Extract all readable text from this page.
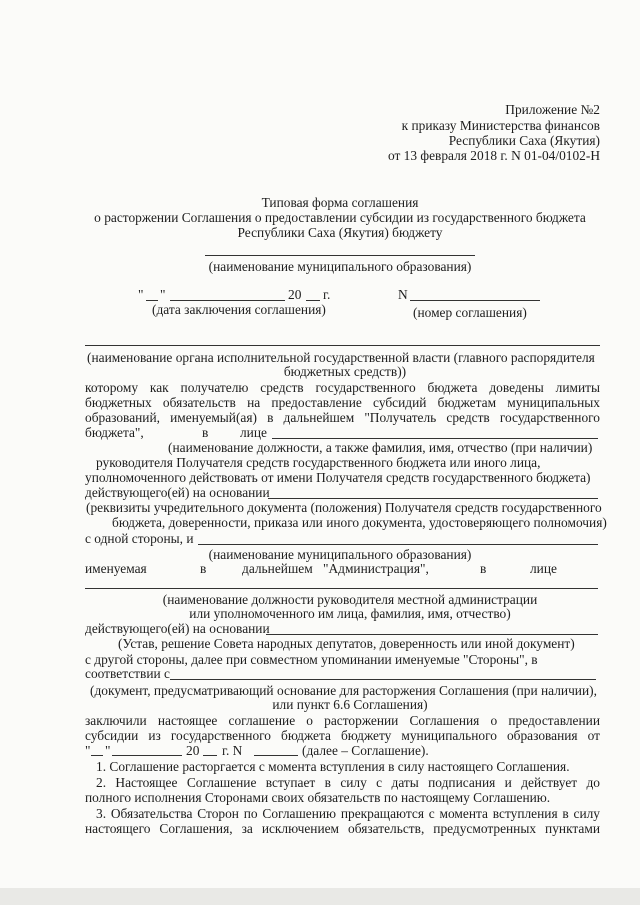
Приложение №2
к приказу Министерства финансов
Республики Саха (Якутия)
от 13 февраля 2018 г. N 01-04/0102-Н
Типовая форма соглашения
о расторжении Соглашения о предоставлении субсидии из государственного бюджета
Республики Саха (Якутия) бюджету
(наименование муниципального образования)
" "	20 г.	N
(дата заключения соглашения)	(номер соглашения)
(наименование органа исполнительной государственной власти (главного распорядителя
бюджетных средств))
которому как получателю средств государственного бюджета доведены лимиты
бюджетных обязательств на предоставление субсидий бюджетам муниципальных
образований, именуемый(ая) в дальнейшем "Получатель средств государственного
бюджета",	в лице
(наименование должности, а также фамилия, имя, отчество (при наличии)
руководителя Получателя средств государственного бюджета или иного лица,
уполномоченного действовать от имени Получателя средств государственного бюджета)
действующего(ей) на основании
(реквизиты учредительного документа (положения) Получателя средств государственного
бюджета, доверенности, приказа или иного документа, удостоверяющего полномочия)
с одной стороны, и
(наименование муниципального образования)
именуемая	в	дальнейшем "Администрация",	в	лице
(наименование должности руководителя местной администрации
или уполномоченного им лица, фамилия, имя, отчество)
действующего(ей) на основании
(Устав, решение Совета народных депутатов, доверенность или иной документ)
с другой стороны, далее при совместном упоминании именуемые "Стороны", в
соответствии с
(документ, предусматривающий основание для расторжения Соглашения (при наличии),
или пункт 6.6 Соглашения)
заключили настоящее соглашение о расторжении Соглашения о предоставлении
субсидии из государственного бюджета бюджету муниципального образования от
" "	20 г. N	(далее – Соглашение).
1. Соглашение расторгается с момента вступления в силу настоящего Соглашения.
2. Настоящее Соглашение вступает в силу с даты подписания и действует до
полного исполнения Сторонами своих обязательств по настоящему Соглашению.
3. Обязательства Сторон по Соглашению прекращаются с момента вступления в силу
настоящего Соглашения, за исключением обязательств, предусмотренных пунктами
